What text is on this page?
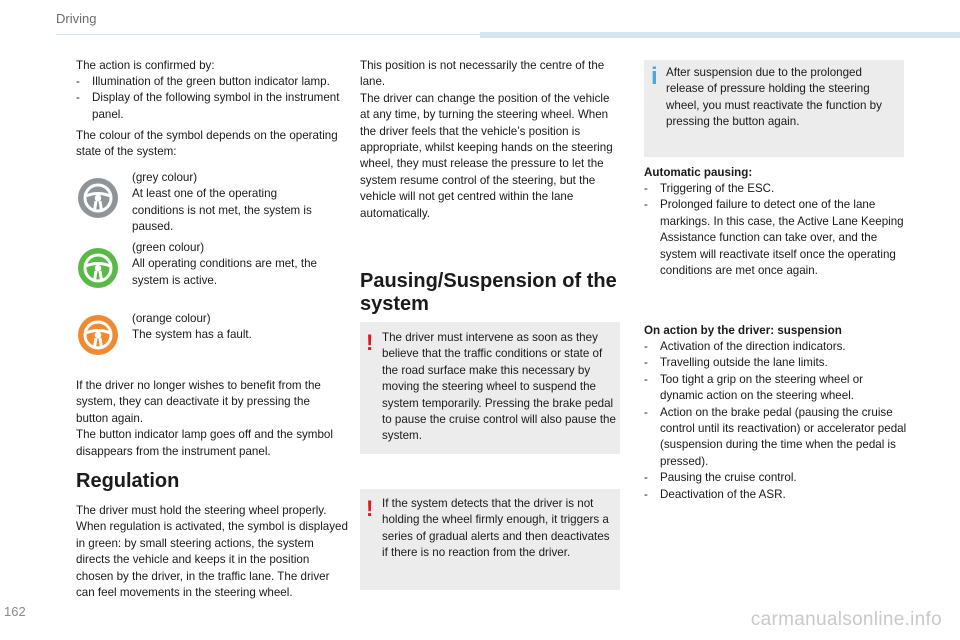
Driving
The action is confirmed by:
- Illumination of the green button indicator lamp.
- Display of the following symbol in the instrument panel.
The colour of the symbol depends on the operating state of the system:
(grey colour)
At least one of the operating conditions is not met, the system is paused.
(green colour)
All operating conditions are met, the system is active.
(orange colour)
The system has a fault.
If the driver no longer wishes to benefit from the system, they can deactivate it by pressing the button again.
The button indicator lamp goes off and the symbol disappears from the instrument panel.
Regulation
The driver must hold the steering wheel properly. When regulation is activated, the symbol is displayed in green: by small steering actions, the system directs the vehicle and keeps it in the position chosen by the driver, in the traffic lane. The driver can feel movements in the steering wheel.
This position is not necessarily the centre of the lane.
The driver can change the position of the vehicle at any time, by turning the steering wheel. When the driver feels that the vehicle’s position is appropriate, whilst keeping hands on the steering wheel, they must release the pressure to let the system resume control of the steering, but the vehicle will not get centred within the lane automatically.
Pausing/Suspension of the system
! The driver must intervene as soon as they believe that the traffic conditions or state of the road surface make this necessary by moving the steering wheel to suspend the system temporarily. Pressing the brake pedal to pause the cruise control will also pause the system.
! If the system detects that the driver is not holding the wheel firmly enough, it triggers a series of gradual alerts and then deactivates if there is no reaction from the driver.
i After suspension due to the prolonged release of pressure holding the steering wheel, you must reactivate the function by pressing the button again.
Automatic pausing:
- Triggering of the ESC.
- Prolonged failure to detect one of the lane markings. In this case, the Active Lane Keeping Assistance function can take over, and the system will reactivate itself once the operating conditions are met once again.
On action by the driver: suspension
- Activation of the direction indicators.
- Travelling outside the lane limits.
- Too tight a grip on the steering wheel or dynamic action on the steering wheel.
- Action on the brake pedal (pausing the cruise control until its reactivation) or accelerator pedal (suspension during the time when the pedal is pressed).
- Pausing the cruise control.
- Deactivation of the ASR.
162	carmanualsonline.info
